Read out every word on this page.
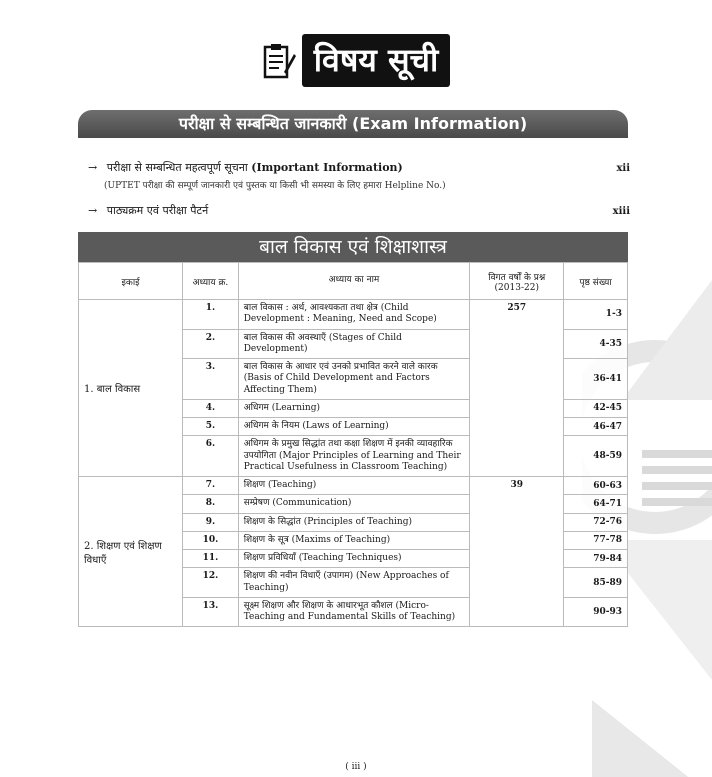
विषय सूची
परीक्षा से सम्बन्धित जानकारी (Exam Information)
→ परीक्षा से सम्बन्धित महत्वपूर्ण सूचना (Important Information)	xii
(UPTET परीक्षा की सम्पूर्ण जानकारी एवं पुस्तक या किसी भी समस्या के लिए हमारा Helpline No.)
→ पाठ्यक्रम एवं परीक्षा पैटर्न	xiii
बाल विकास एवं शिक्षाशास्त्र
इकाई	अध्याय क्र.	अध्याय का नाम	विगत वर्षों के प्रश्न (2013-22)	पृष्ठ संख्या
1. बाल विकास	1.	बाल विकास : अर्थ, आवश्यकता तथा क्षेत्र (Child Development : Meaning, Need and Scope)	257	1-3
	2.	बाल विकास की अवस्थाएँ (Stages of Child Development)		4-35
	3.	बाल विकास के आधार एवं उनको प्रभावित करने वाले कारक (Basis of Child Development and Factors Affecting Them)		36-41
	4.	अधिगम (Learning)		42-45
	5.	अधिगम के नियम (Laws of Learning)		46-47
	6.	अधिगम के प्रमुख सिद्धांत तथा कक्षा शिक्षण में इनकी व्यावहारिक उपयोगिता (Major Principles of Learning and Their Practical Usefulness in Classroom Teaching)		48-59
2. शिक्षण एवं शिक्षण विधाएँ	7.	शिक्षण (Teaching)	39	60-63
	8.	सम्प्रेषण (Communication)		64-71
	9.	शिक्षण के सिद्धांत (Principles of Teaching)		72-76
	10.	शिक्षण के सूत्र (Maxims of Teaching)		77-78
	11.	शिक्षण प्रविधियाँ (Teaching Techniques)		79-84
	12.	शिक्षण की नवीन विधाएँ (उपागम) (New Approaches of Teaching)		85-89
	13.	सूक्ष्म शिक्षण और शिक्षण के आधारभूत कौशल (Micro-Teaching and Fundamental Skills of Teaching)		90-93
( iii )
